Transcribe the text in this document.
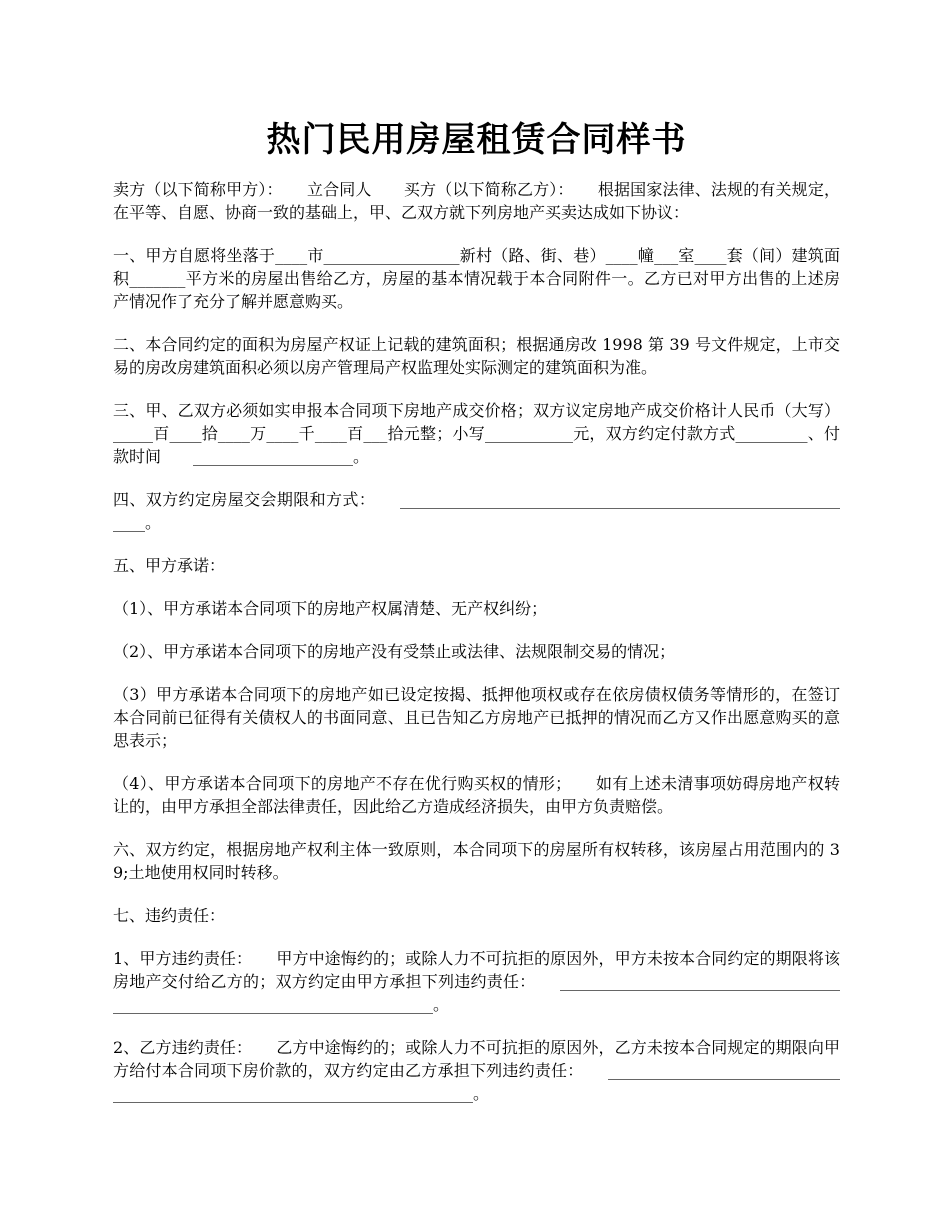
热门民用房屋租赁合同样书

卖方（以下简称甲方）：　　立合同人　　买方（以下简称乙方）：　　根据国家法律、法规的有关规定，在平等、自愿、协商一致的基础上，甲、乙双方就下列房地产买卖达成如下协议：

一、甲方自愿将坐落于____市_________________新村（路、街、巷）____幢___室____套（间）建筑面积_______平方米的房屋出售给乙方，房屋的基本情况载于本合同附件一。乙方已对甲方出售的上述房产情况作了充分了解并愿意购买。

二、本合同约定的面积为房屋产权证上记载的建筑面积；根据通房改 1998 第 39 号文件规定，上市交易的房改房建筑面积必须以房产管理局产权监理处实际测定的建筑面积为准。

三、甲、乙双方必须如实申报本合同项下房地产成交价格；双方议定房地产成交价格计人民币（大写）_____百____拾____万____千____百___拾元整；小写___________元，双方约定付款方式_________、付款时间　　____________________。

四、双方约定房屋交会期限和方式：　　___________________________________________________________。

五、甲方承诺：

（1）、甲方承诺本合同项下的房地产权属清楚、无产权纠纷；

（2）、甲方承诺本合同项下的房地产没有受禁止或法律、法规限制交易的情况；

（3）甲方承诺本合同项下的房地产如已设定按揭、抵押他项权或存在依房债权债务等情形的，在签订本合同前已征得有关债权人的书面同意、且已告知乙方房地产已抵押的情况而乙方又作出愿意购买的意思表示；

（4）、甲方承诺本合同项下的房地产不存在优行购买权的情形；　　如有上述未清事项妨碍房地产权转让的，由甲方承担全部法律责任，因此给乙方造成经济损失，由甲方负责赔偿。

六、双方约定，根据房地产权利主体一致原则，本合同项下的房屋所有权转移，该房屋占用范围内的 39;土地使用权同时转移。

七、违约责任：

1、甲方违约责任：　　甲方中途悔约的；或除人力不可抗拒的原因外，甲方未按本合同约定的期限将该房地产交付给乙方的；双方约定由甲方承担下列违约责任：　　___________________________________________________________________________。

2、乙方违约责任：　　乙方中途悔约的；或除人力不可抗拒的原因外，乙方未按本合同规定的期限向甲方给付本合同项下房价款的，双方约定由乙方承担下列违约责任：　　__________________________________________________________________________。
